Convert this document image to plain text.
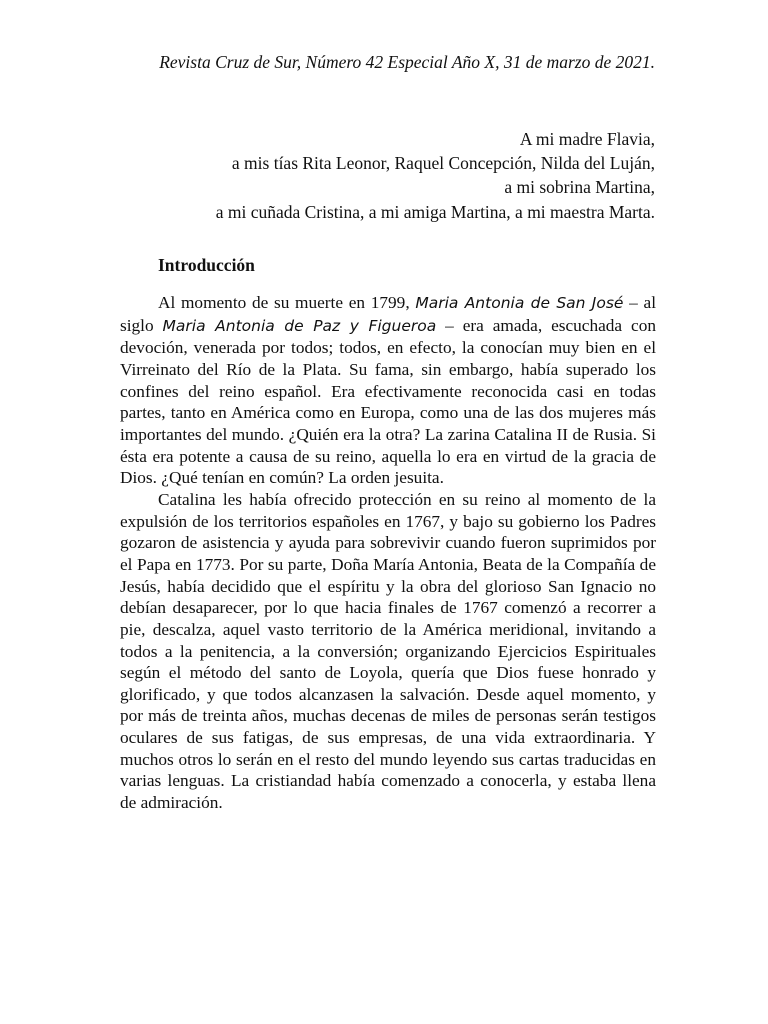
Revista Cruz de Sur, Número 42 Especial Año X, 31 de marzo de 2021.
A mi madre Flavia,
a mis tías Rita Leonor, Raquel Concepción, Nilda del Luján,
a mi sobrina Martina,
a mi cuñada Cristina, a mi amiga Martina, a mi maestra Marta.
Introducción

Al momento de su muerte en 1799, Maria Antonia de San José – al siglo Maria Antonia de Paz y Figueroa – era amada, escuchada con devoción, venerada por todos; todos, en efecto, la conocían muy bien en el Virreinato del Río de la Plata. Su fama, sin embargo, había superado los confines del reino español. Era efectivamente reconocida casi en todas partes, tanto en América como en Europa, como una de las dos mujeres más importantes del mundo. ¿Quién era la otra? La zarina Catalina II de Rusia. Si ésta era potente a causa de su reino, aquella lo era en virtud de la gracia de Dios. ¿Qué tenían en común? La orden jesuita.

Catalina les había ofrecido protección en su reino al momento de la expulsión de los territorios españoles en 1767, y bajo su gobierno los Padres gozaron de asistencia y ayuda para sobrevivir cuando fueron suprimidos por el Papa en 1773. Por su parte, Doña María Antonia, Beata de la Compañía de Jesús, había decidido que el espíritu y la obra del glorioso San Ignacio no debían desaparecer, por lo que hacia finales de 1767 comenzó a recorrer a pie, descalza, aquel vasto territorio de la América meridional, invitando a todos a la penitencia, a la conversión; organizando Ejercicios Espirituales según el método del santo de Loyola, quería que Dios fuese honrado y glorificado, y que todos alcanzasen la salvación. Desde aquel momento, y por más de treinta años, muchas decenas de miles de personas serán testigos oculares de sus fatigas, de sus empresas, de una vida extraordinaria. Y muchos otros lo serán en el resto del mundo leyendo sus cartas traducidas en varias lenguas. La cristiandad había comenzado a conocerla, y estaba llena de admiración.
